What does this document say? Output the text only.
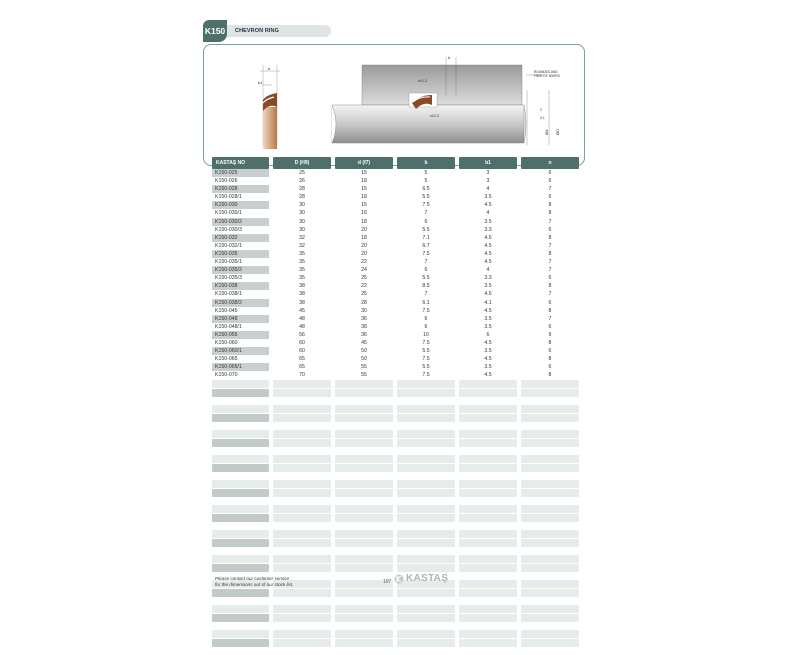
K150	CHEVRON RING
b
b1
b
r≤0.2
r≤0.2
ROUNDED AND
FREE OF BURRS
2
0.1
ØD
Ød
KASTAŞ NO	D (H9)	d (f7)	b	b1	n
K150-025	25	15	5	3	6
K150-026	26	18	5	3	6
K150-028	28	15	6.5	4	7
K150-028/1	28	18	5.5	3.5	6
K150-030	30	15	7.5	4.5	8
K150-030/1	30	16	7	4	8
K150-030/2	30	18	6	3.5	7
K150-030/3	30	20	5.5	3.3	6
K150-032	32	18	7.1	4.6	8
K150-032/1	32	20	6.7	4.5	7
K150-035	35	20	7.5	4.5	8
K150-035/1	35	22	7	4.5	7
K150-035/2	35	24	6	4	7
K150-035/3	35	25	5.5	3.3	6
K150-038	38	22	8.5	3.5	8
K150-038/1	38	25	7	4.6	7
K150-038/2	38	28	6.1	4.1	6
K150-045	45	30	7.5	4.5	8
K150-048	48	36	6	3.5	7
K150-048/1	48	38	6	3.5	6
K150-056	56	36	10	6	9
K150-060	60	45	7.5	4.5	8
K150-060/1	60	50	5.5	3.5	6
K150-065	65	50	7.5	4.5	8
K150-065/1	65	55	5.5	3.5	6
K150-070	70	55	7.5	4.5	8
Please contact our customer service
for the dimensions out of our stock list.	197 KASTAŞ
